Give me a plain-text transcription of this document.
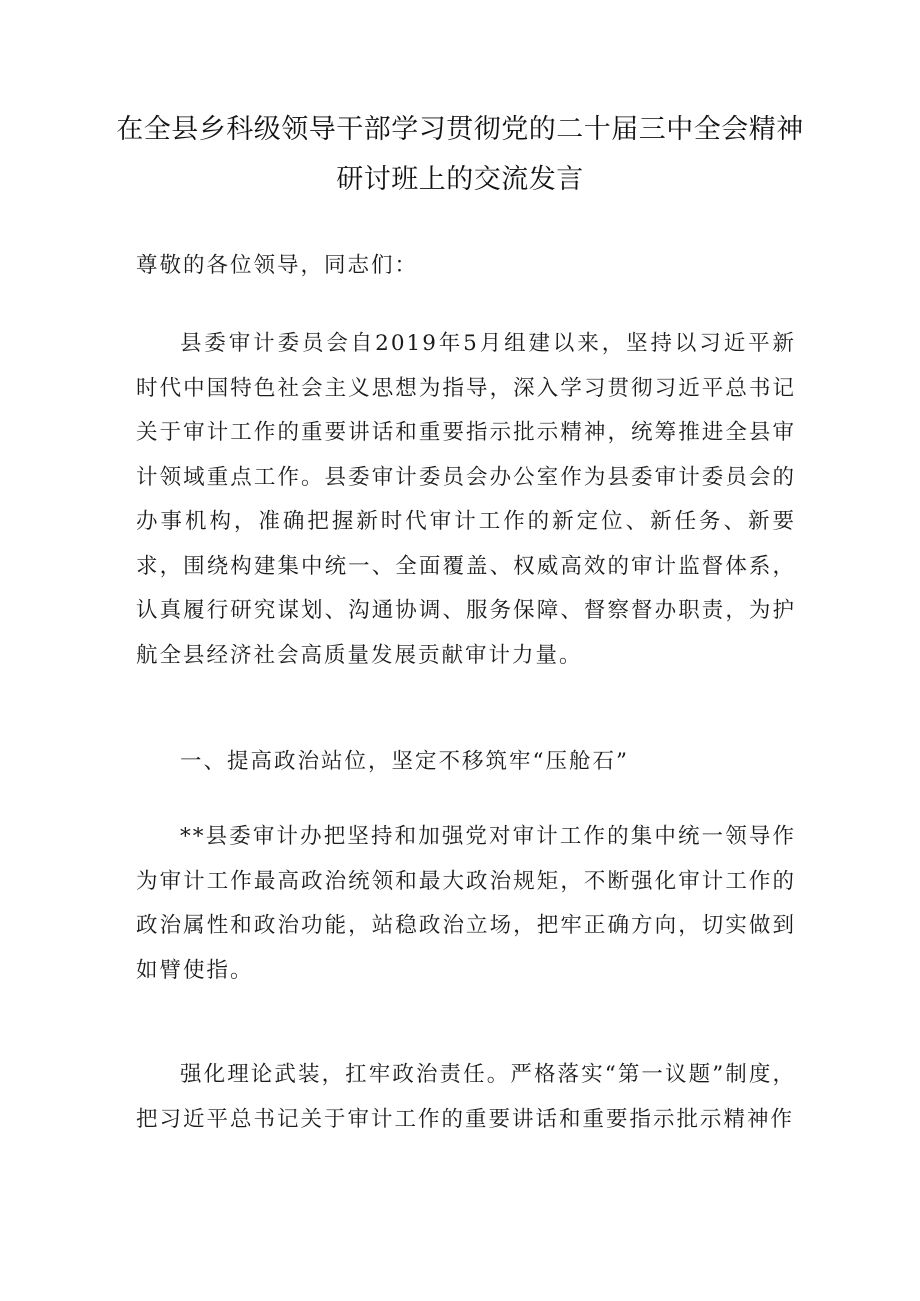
在全县乡科级领导干部学习贯彻党的二十届三中全会精神
研讨班上的交流发言

尊敬的各位领导，同志们：

县委审计委员会自2019年5月组建以来，坚持以习近平新时代中国特色社会主义思想为指导，深入学习贯彻习近平总书记关于审计工作的重要讲话和重要指示批示精神，统筹推进全县审计领域重点工作。县委审计委员会办公室作为县委审计委员会的办事机构，准确把握新时代审计工作的新定位、新任务、新要求，围绕构建集中统一、全面覆盖、权威高效的审计监督体系，认真履行研究谋划、沟通协调、服务保障、督察督办职责，为护航全县经济社会高质量发展贡献审计力量。

一、提高政治站位，坚定不移筑牢“压舱石”

**县委审计办把坚持和加强党对审计工作的集中统一领导作为审计工作最高政治统领和最大政治规矩，不断强化审计工作的政治属性和政治功能，站稳政治立场，把牢正确方向，切实做到如臂使指。

强化理论武装，扛牢政治责任。严格落实“第一议题”制度，把习近平总书记关于审计工作的重要讲话和重要指示批示精神作
